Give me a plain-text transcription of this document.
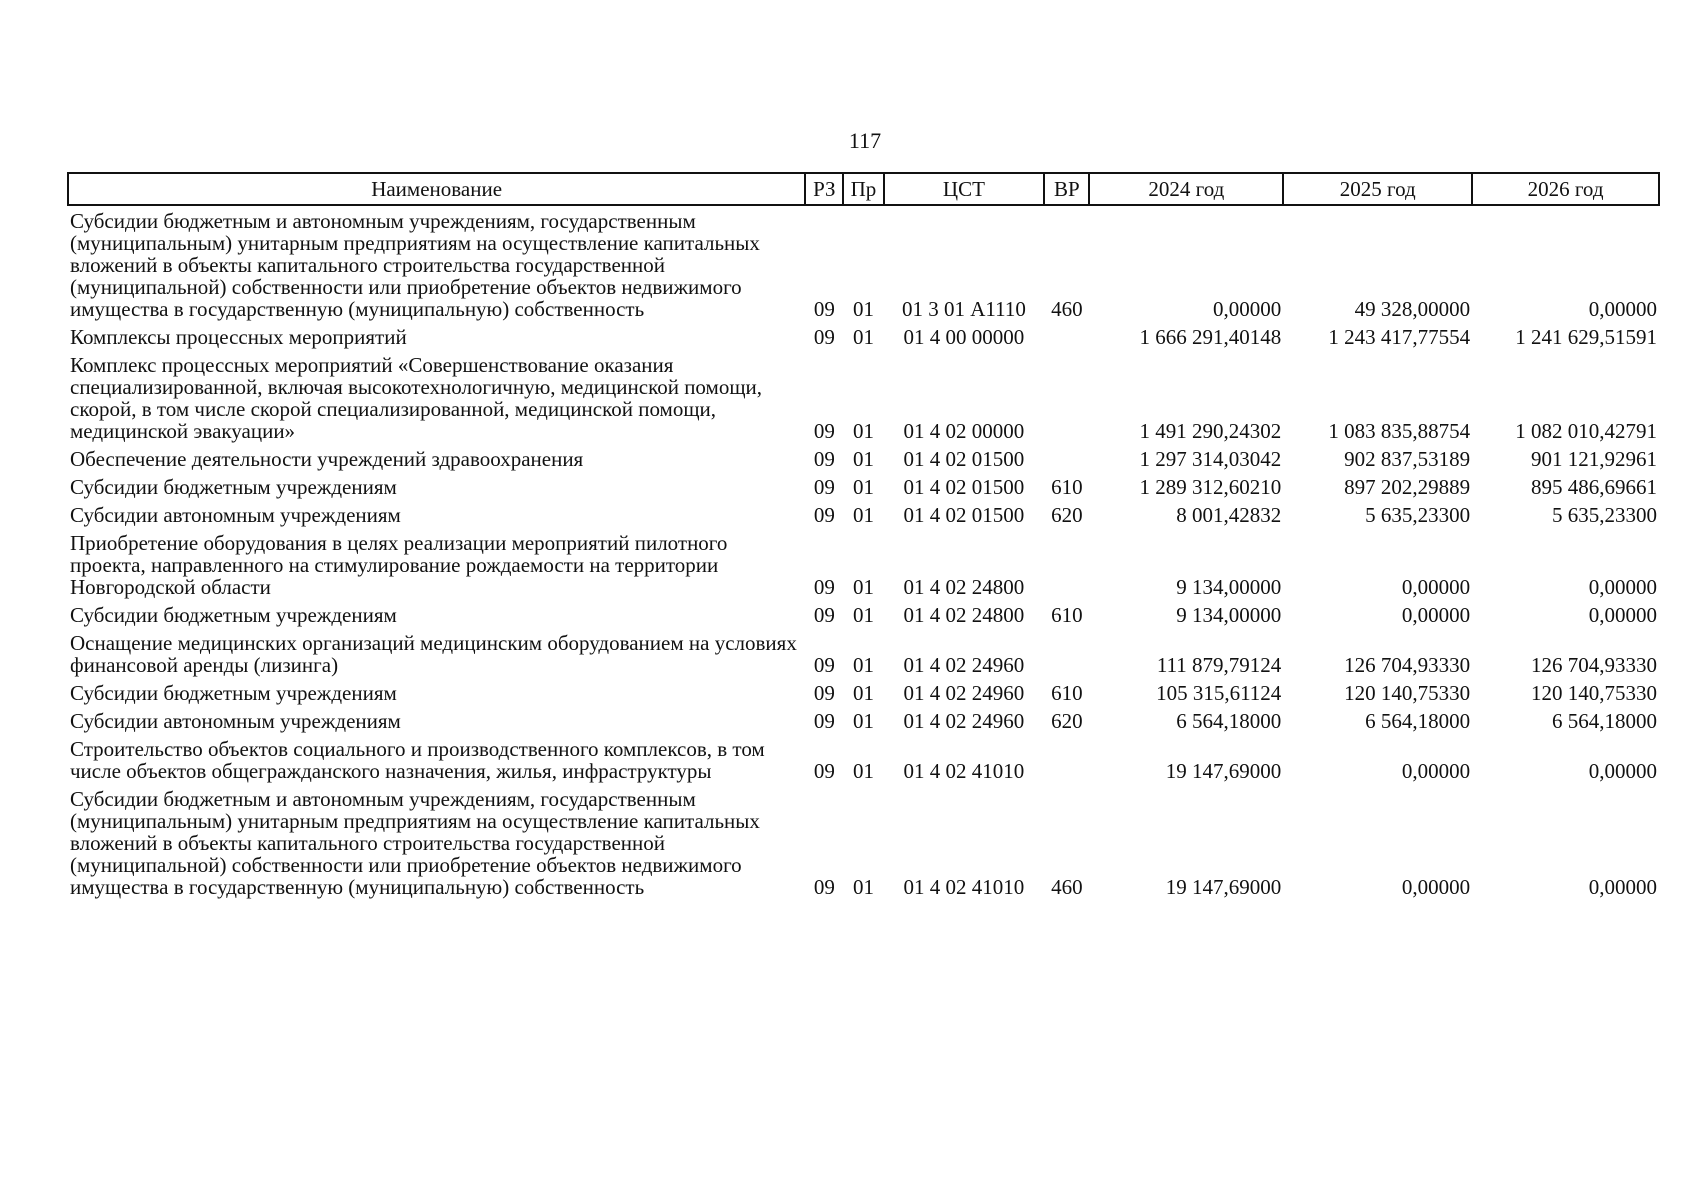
117
Наименование	РЗ	Пр	ЦСТ	ВР	2024 год	2025 год	2026 год
Субсидии бюджетным и автономным учреждениям, государственным (муниципальным) унитарным предприятиям на осуществление капитальных вложений в объекты капитального строительства государственной (муниципальной) собственности или приобретение объектов недвижимого имущества в государственную (муниципальную) собственность	09	01	01 3 01 А1110	460	0,00000	49 328,00000	0,00000
Комплексы процессных мероприятий	09	01	01 4 00 00000		1 666 291,40148	1 243 417,77554	1 241 629,51591
Комплекс процессных мероприятий «Совершенствование оказания специализированной, включая высокотехнологичную, медицинской помощи, скорой, в том числе скорой специализированной, медицинской помощи, медицинской эвакуации»	09	01	01 4 02 00000		1 491 290,24302	1 083 835,88754	1 082 010,42791
Обеспечение деятельности учреждений здравоохранения	09	01	01 4 02 01500		1 297 314,03042	902 837,53189	901 121,92961
Субсидии бюджетным учреждениям	09	01	01 4 02 01500	610	1 289 312,60210	897 202,29889	895 486,69661
Субсидии автономным учреждениям	09	01	01 4 02 01500	620	8 001,42832	5 635,23300	5 635,23300
Приобретение оборудования в целях реализации мероприятий пилотного проекта, направленного на стимулирование рождаемости на территории Новгородской области	09	01	01 4 02 24800		9 134,00000	0,00000	0,00000
Субсидии бюджетным учреждениям	09	01	01 4 02 24800	610	9 134,00000	0,00000	0,00000
Оснащение медицинских организаций медицинским оборудованием на условиях финансовой аренды (лизинга)	09	01	01 4 02 24960		111 879,79124	126 704,93330	126 704,93330
Субсидии бюджетным учреждениям	09	01	01 4 02 24960	610	105 315,61124	120 140,75330	120 140,75330
Субсидии автономным учреждениям	09	01	01 4 02 24960	620	6 564,18000	6 564,18000	6 564,18000
Строительство объектов социального и производственного комплексов, в том числе объектов общегражданского назначения, жилья, инфраструктуры	09	01	01 4 02 41010		19 147,69000	0,00000	0,00000
Субсидии бюджетным и автономным учреждениям, государственным (муниципальным) унитарным предприятиям на осуществление капитальных вложений в объекты капитального строительства государственной (муниципальной) собственности или приобретение объектов недвижимого имущества в государственную (муниципальную) собственность	09	01	01 4 02 41010	460	19 147,69000	0,00000	0,00000
